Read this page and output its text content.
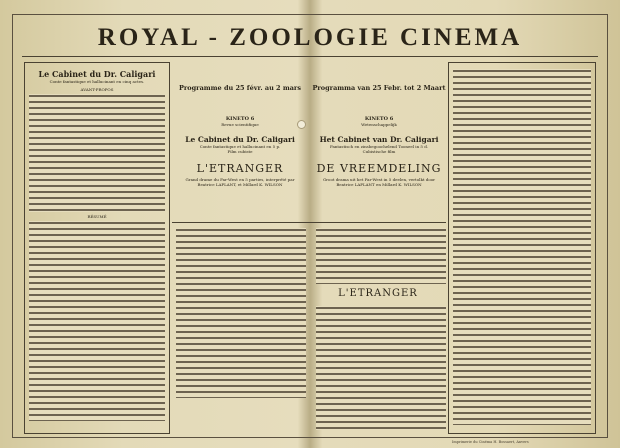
ROYAL - ZOOLOGIE CINEMA
Le Cabinet du Dr. Caligari
Conte fantastique et hallucinant en cinq actes.
AVANT-PROPOS
RÉSUMÉ
Programme du 25 févr. au 2 mars
KINETO 6
Revue scientifique
Le Cabinet du Dr. Caligari
Conte fantastique et hallucinant en 5 p.
Film cubiste
L'ETRANGER
Grand drame du Far-West en 5 parties, interprété par Beatrice LAPLANT, et Millard K. WILSON
Programma van 25 Febr. tot 2 Maart
KINETO 6
Wetenschappelijk
Het Cabinet van Dr. Caligari
Fantastisch en zinsbegoochelend Tooneel in 5 d.
Cubistische film
DE VREEMDELING
Groot drama uit het Far-West in 5 deelen, vertolkt door Beatrice LAPLANT en Millard K. WILSON
L'ETRANGER
Imprimerie du Cinéma H. Bossaert, Anvers
